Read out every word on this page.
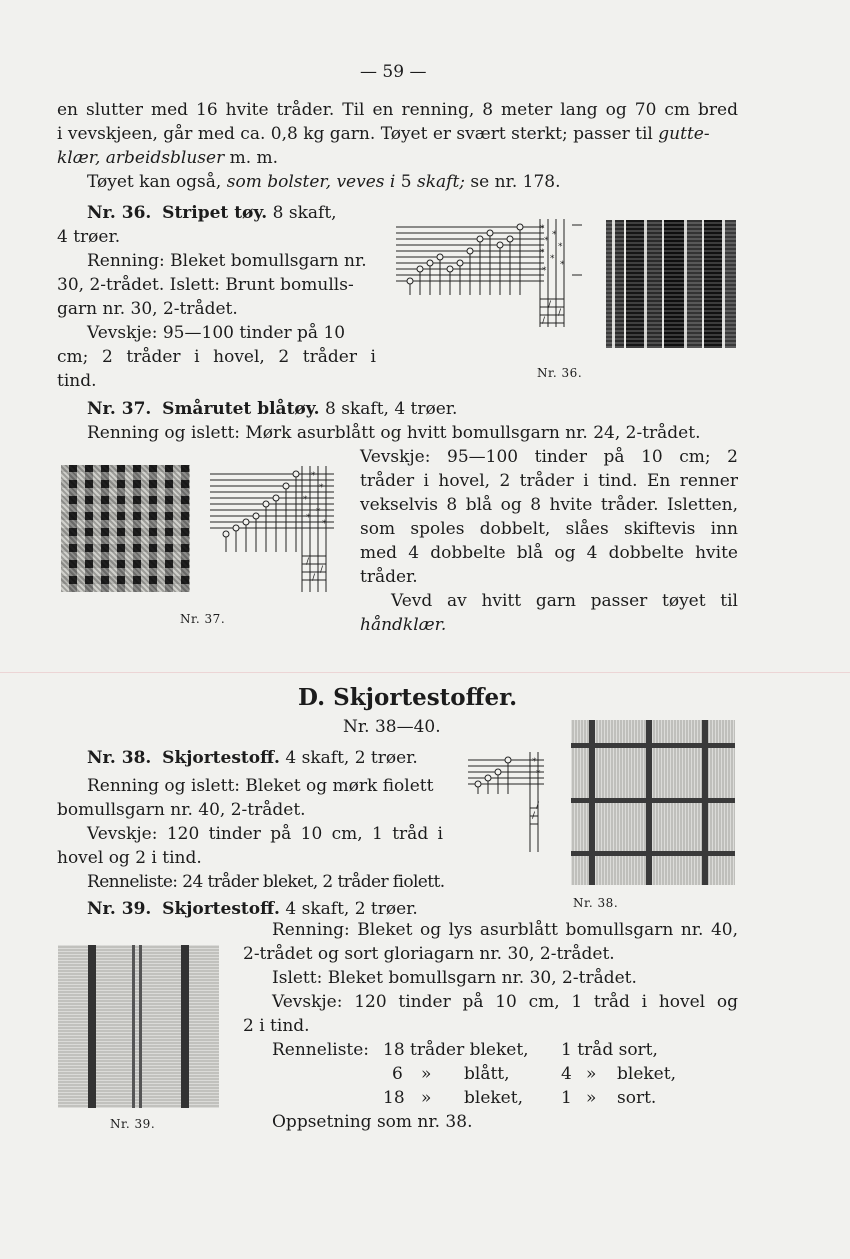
— 59 —
en slutter med 16 hvite tråder. Til en renning, 8 meter lang og 70 cm bred
i vevskjeen, går med ca. 0,8 kg garn. Tøyet er svært sterkt; passer til gutte-
klær, arbeidsbluser m. m.
Tøyet kan også, som bolster, veves i 5 skaft; se nr. 178.
Nr. 36. Stripet tøy. 8 skaft,
4 trøer.
Renning: Bleket bomullsgarn nr.
30, 2-trådet. Islett: Brunt bomulls-
garn nr. 30, 2-trådet.
Vevskje: 95—100 tinder på 10
cm; 2 tråder i hovel, 2 tråder i
tind.
*
*
*
*
*
*
*
*
/
/
/
Nr. 36.
Nr. 37. Smårutet blåtøy. 8 skaft, 4 trøer.
Renning og islett: Mørk asurblått og hvitt bomullsgarn nr. 24, 2-trådet.
Vevskje: 95—100 tinder på 10 cm; 2
tråder i hovel, 2 tråder i tind. En renner
vekselvis 8 blå og 8 hvite tråder. Isletten,
som spoles dobbelt, slåes skiftevis inn
med 4 dobbelte blå og 4 dobbelte hvite
tråder.
Vevd av hvitt garn passer tøyet til
håndklær.
Nr. 37.
*
*
*
*
*
*
/
/
/
D. Skjortestoffer.
Nr. 38—40.
Nr. 38. Skjortestoff. 4 skaft, 2 trøer.
Renning og islett: Bleket og mørk fiolett
bomullsgarn nr. 40, 2-trådet.
Vevskje: 120 tinder på 10 cm, 1 tråd i
hovel og 2 i tind.
Renneliste: 24 tråder bleket, 2 tråder fiolett.
*
*
/
/
Nr. 38.
Nr. 39. Skjortestoff. 4 skaft, 2 trøer.
Renning: Bleket og lys asurblått bomullsgarn nr. 40,
2-trådet og sort gloriagarn nr. 30, 2-trådet.
Islett: Bleket bomullsgarn nr. 30, 2-trådet.
Vevskje: 120 tinder på 10 cm, 1 tråd i hovel og
2 i tind.
Renneliste: 18 tråder bleket, 1 tråd sort,
6 » blått,	4 » bleket,
18 » bleket, 1 » sort.
Oppsetning som nr. 38.
Nr. 39.
